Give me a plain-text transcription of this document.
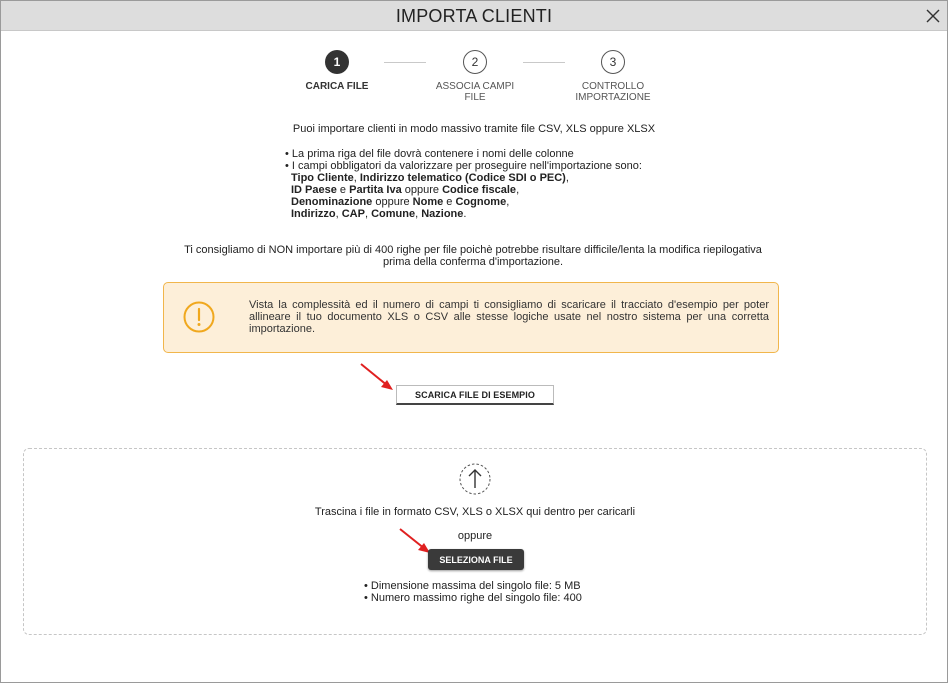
IMPORTA CLIENTI
1
CARICA FILE
2
ASSOCIA CAMPI
FILE
3
CONTROLLO
IMPORTAZIONE
Puoi importare clienti in modo massivo tramite file CSV, XLS oppure XLSX
• La prima riga del file dovrà contenere i nomi delle colonne
• I campi obbligatori da valorizzare per proseguire nell'importazione sono:
Tipo Cliente, Indirizzo telematico (Codice SDI o PEC),
ID Paese e Partita Iva oppure Codice fiscale,
Denominazione oppure Nome e Cognome,
Indirizzo, CAP, Comune, Nazione.
Ti consigliamo di NON importare più di 400 righe per file poichè potrebbe risultare difficile/lenta la modifica riepilogativa
prima della conferma d'importazione.
Vista la complessità ed il numero di campi ti consigliamo di scaricare il tracciato d'esempio per poter allineare il tuo documento XLS o CSV alle stesse logiche usate nel nostro sistema per una corretta importazione.
SCARICA FILE DI ESEMPIO
Trascina i file in formato CSV, XLS o XLSX qui dentro per caricarli
oppure
SELEZIONA FILE
• Dimensione massima del singolo file: 5 MB
• Numero massimo righe del singolo file: 400
